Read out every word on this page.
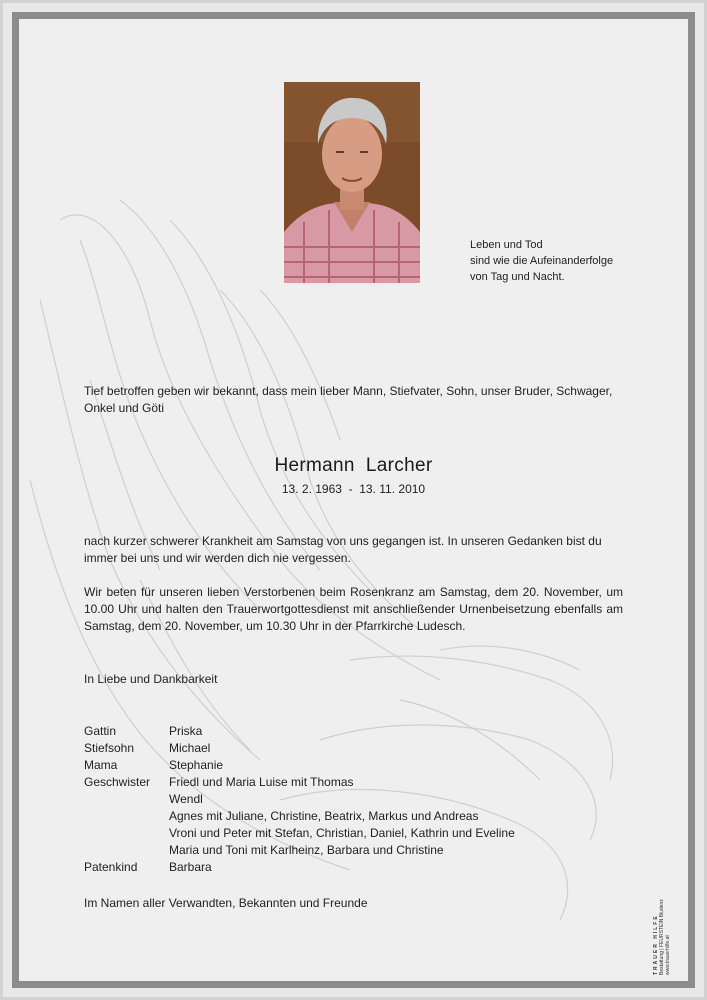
Leben und Tod
sind wie die Aufeinanderfolge
von Tag und Nacht.
Tief betroffen geben wir bekannt, dass mein lieber Mann, Stiefvater, Sohn, unser Bruder, Schwager, Onkel und Göti
Hermann  Larcher
13. 2. 1963  -  13. 11. 2010
nach kurzer schwerer Krankheit am Samstag von uns gegangen ist. In unseren Gedanken bist du immer bei uns und wir werden dich nie vergessen.
Wir beten für unseren lieben Verstorbenen beim Rosenkranz am Samstag, dem 20. November, um 10.00 Uhr und halten den Trauerwortgottesdienst mit anschließender Urnenbeisetzung ebenfalls am Samstag, dem 20. November, um 10.30 Uhr in der Pfarrkirche Ludesch.
In Liebe und Dankbarkeit
Gattin	Priska
Stiefsohn	Michael
Mama	Stephanie
Geschwister	Friedl und Maria Luise mit Thomas
Wendl
Agnes mit Juliane, Christine, Beatrix, Markus und Andreas
Vroni und Peter mit Stefan, Christian, Daniel, Kathrin und Eveline
Maria und Toni mit Karlheinz, Barbara und Christine
Patenkind	Barbara
Im Namen aller Verwandten, Bekannten und Freunde
TRAUER HILFE Bestattung | FEURSTEIN Bludenz www.trauerhilfe.at
